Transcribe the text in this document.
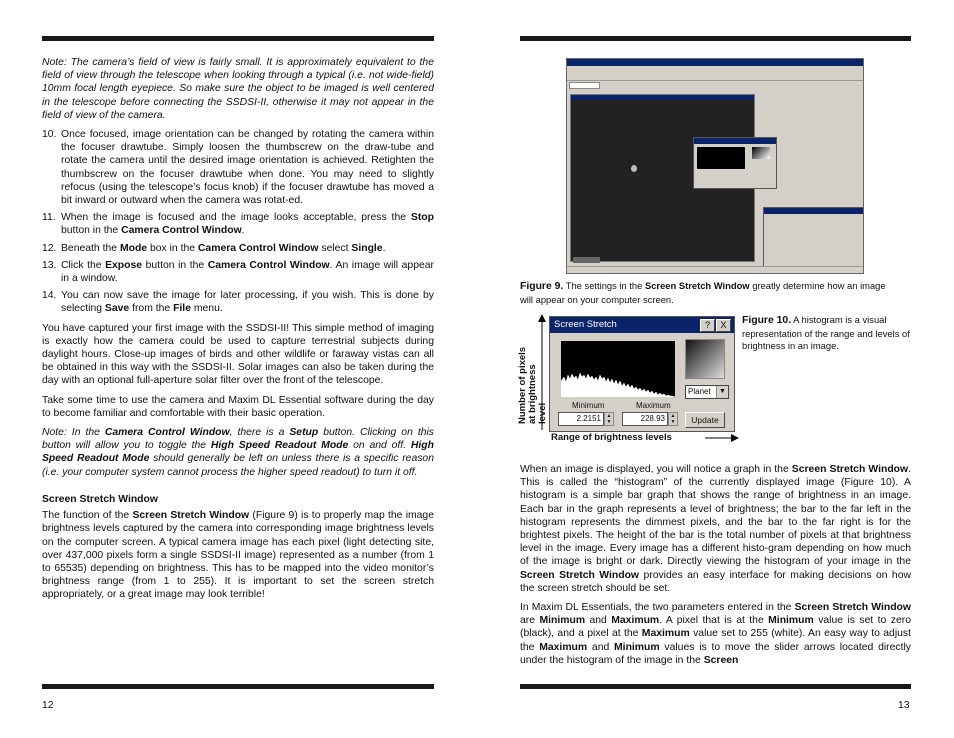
Note: The camera’s field of view is fairly small. It is approximately equivalent to the field of view through the telescope when looking through a typical (i.e. not wide-field) 10mm focal length eyepiece. So make sure the object to be imaged is well centered in the telescope before connecting the SSDSI-II, otherwise it may not appear in the field of view of the camera.

10. Once focused, image orientation can be changed by rotating the camera within the focuser drawtube. Simply loosen the thumbscrew on the draw-tube and rotate the camera until the desired image orientation is achieved. Retighten the thumbscrew on the focuser drawtube when done. You may need to slightly refocus (using the telescope’s focus knob) if the focuser drawtube has moved a bit inward or outward when the camera was rotat-ed.
11. When the image is focused and the image looks acceptable, press the Stop button in the Camera Control Window.
12. Beneath the Mode box in the Camera Control Window select Single.
13. Click the Expose button in the Camera Control Window. An image will appear in a window.
14. You can now save the image for later processing, if you wish. This is done by selecting Save from the File menu.

You have captured your first image with the SSDSI-II! This simple method of imaging is exactly how the camera could be used to capture terrestrial subjects during daylight hours. Close-up images of birds and other wildlife or faraway vistas can all be obtained in this way with the SSDSI-II. Solar images can also be taken during the day with an optional full-aperture solar filter over the front of the telescope.

Take some time to use the camera and Maxim DL Essential software during the day to become familiar and comfortable with their basic operation.

Note: In the Camera Control Window, there is a Setup button. Clicking on this button will allow you to toggle the High Speed Readout Mode on and off. High Speed Readout Mode should generally be left on unless there is a specific reason (i.e. your computer system cannot process the higher speed readout) to turn it off.

Screen Stretch Window

The function of the Screen Stretch Window (Figure 9) is to properly map the image brightness levels captured by the camera into corresponding image brightness levels on the computer screen. A typical camera image has each pixel (light detecting site, over 437,000 pixels form a single SSDSI-II image) represented as a number (from 1 to 65535) depending on brightness. This has to be mapped into the video monitor’s brightness range (from 1 to 255). It is important to set the screen stretch appropriately, or a great image may look terrible!

12
Figure 9. The settings in the Screen Stretch Window greatly determine how an image will appear on your computer screen.
Number of pixels at brightness level
Screen Stretch	?	X
Planet	▼
Minimum	Maximum
2.2151	▲
▼	228.93	▲
▼	Update
Range of brightness levels
Figure 10. A histogram is a visual representation of the range and levels of brightness in an image.

When an image is displayed, you will notice a graph in the Screen Stretch Window. This is called the “histogram” of the currently displayed image (Figure 10). A histogram is a simple bar graph that shows the range of brightness in an image. Each bar in the graph represents a level of brightness; the bar to the far left in the histogram represents the dimmest pixels, and the bar to the far right is for the brightest pixels. The height of the bar is the total number of pixels at that brightness level in the image. Every image has a different histo-gram depending on how much of the image is bright or dark. Directly viewing the histogram of your image in the Screen Stretch Window provides an easy interface for making decisions on how the screen stretch should be set.

In Maxim DL Essentials, the two parameters entered in the Screen Stretch Window are Minimum and Maximum. A pixel that is at the Minimum value is set to zero (black), and a pixel at the Maximum value set to 255 (white). An easy way to adjust the Maximum and Minimum values is to move the slider arrows located directly under the histogram of the image in the Screen

13
